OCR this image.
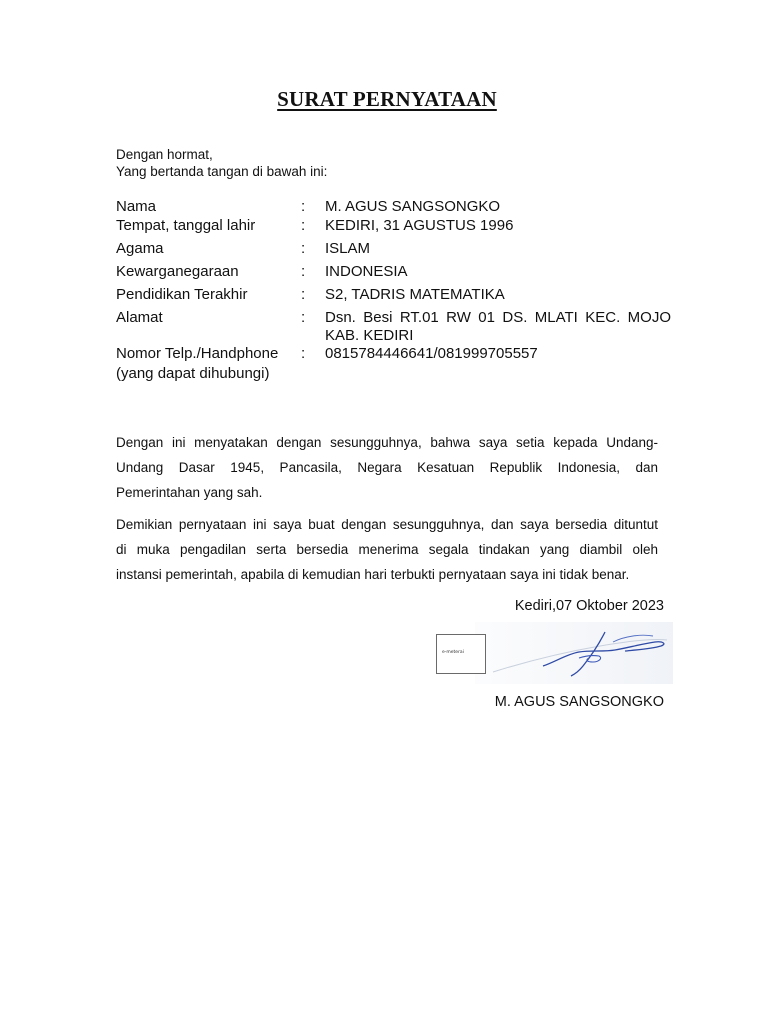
SURAT PERNYATAAN
Dengan hormat,
Yang bertanda tangan di bawah ini:
Nama	: M. AGUS SANGSONGKO
Tempat, tanggal lahir	: KEDIRI, 31 AGUSTUS 1996
Agama	: ISLAM
Kewarganegaraan	: INDONESIA
Pendidikan Terakhir	: S2, TADRIS MATEMATIKA
Alamat	: Dsn. Besi RT.01 RW 01 DS. MLATI KEC. MOJO
KAB. KEDIRI
Nomor Telp./Handphone	: 0815784446641/081999705557
(yang dapat dihubungi)
Dengan ini menyatakan dengan sesungguhnya, bahwa saya setia kepada Undang-
Undang Dasar 1945, Pancasila, Negara Kesatuan Republik Indonesia, dan
Pemerintahan yang sah.
Demikian pernyataan ini saya buat dengan sesungguhnya, dan saya bersedia dituntut
di muka pengadilan serta bersedia menerima segala tindakan yang diambil oleh
instansi pemerintah, apabila di kemudian hari terbukti pernyataan saya ini tidak benar.
Kediri,07 Oktober 2023
e-meterai
M. AGUS SANGSONGKO
